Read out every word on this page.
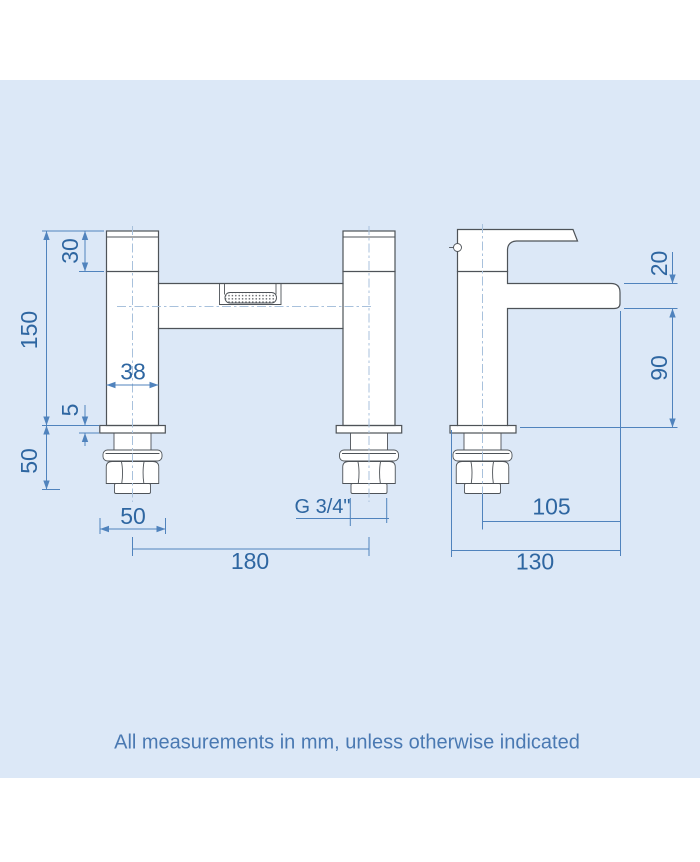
150
30
38
5
50
50
180
G 3/4"
20
90
105
130
All measurements in mm, unless otherwise indicated
